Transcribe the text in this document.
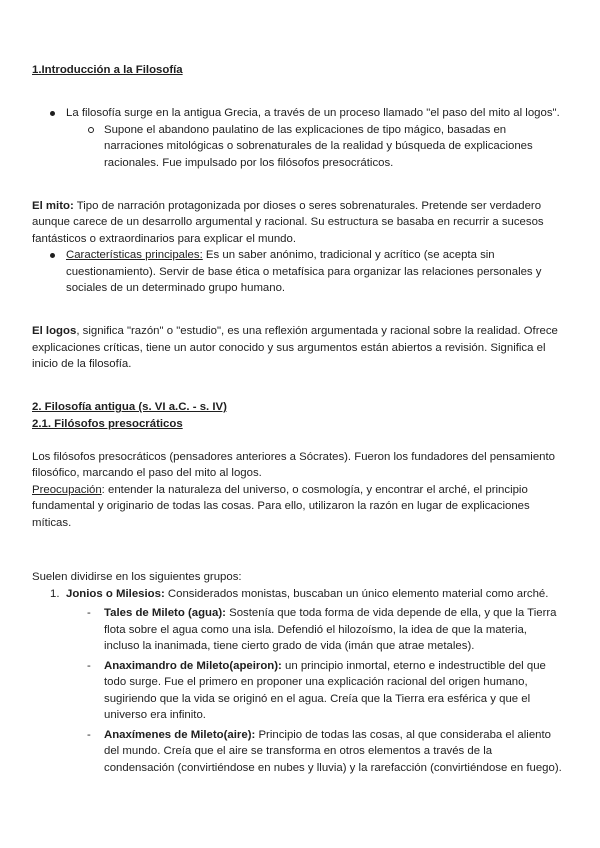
1.Introducción a la Filosofía

La filosofía surge en la antigua Grecia, a través de un proceso llamado "el paso del mito al logos".
Supone el abandono paulatino de las explicaciones de tipo mágico, basadas en narraciones mitológicas o sobrenaturales de la realidad y búsqueda de explicaciones racionales. Fue impulsado por los filósofos presocráticos.

El mito: Tipo de narración protagonizada por dioses o seres sobrenaturales. Pretende ser verdadero aunque carece de un desarrollo argumental y racional. Su estructura se basaba en recurrir a sucesos fantásticos o extraordinarios para explicar el mundo.

Características principales: Es un saber anónimo, tradicional y acrítico (se acepta sin cuestionamiento). Servir de base ética o metafísica para organizar las relaciones personales y sociales de un determinado grupo humano.

El logos, significa "razón" o "estudio", es una reflexión argumentada y racional sobre la realidad. Ofrece explicaciones críticas, tiene un autor conocido y sus argumentos están abiertos a revisión. Significa el inicio de la filosofía.

2. Filosofía antigua (s. VI a.C. - s. IV)

2.1. Filósofos presocráticos

Los filósofos presocráticos (pensadores anteriores a Sócrates). Fueron los fundadores del pensamiento filosófico, marcando el paso del mito al logos.

Preocupación: entender la naturaleza del universo, o cosmología, y encontrar el arché, el principio fundamental y originario de todas las cosas. Para ello, utilizaron la razón en lugar de explicaciones míticas.

Suelen dividirse en los siguientes grupos:

1. Jonios o Milesios: Considerados monistas, buscaban un único elemento material como arché.
- Tales de Mileto (agua): Sostenía que toda forma de vida depende de ella, y que la Tierra flota sobre el agua como una isla. Defendió el hilozoísmo, la idea de que la materia, incluso la inanimada, tiene cierto grado de vida (imán que atrae metales).
- Anaximandro de Mileto(apeiron): un principio inmortal, eterno e indestructible del que todo surge. Fue el primero en proponer una explicación racional del origen humano, sugiriendo que la vida se originó en el agua. Creía que la Tierra era esférica y que el universo era infinito.
- Anaxímenes de Mileto(aire): Principio de todas las cosas, al que consideraba el aliento del mundo. Creía que el aire se transforma en otros elementos a través de la condensación (convirtiéndose en nubes y lluvia) y la rarefacción (convirtiéndose en fuego).
